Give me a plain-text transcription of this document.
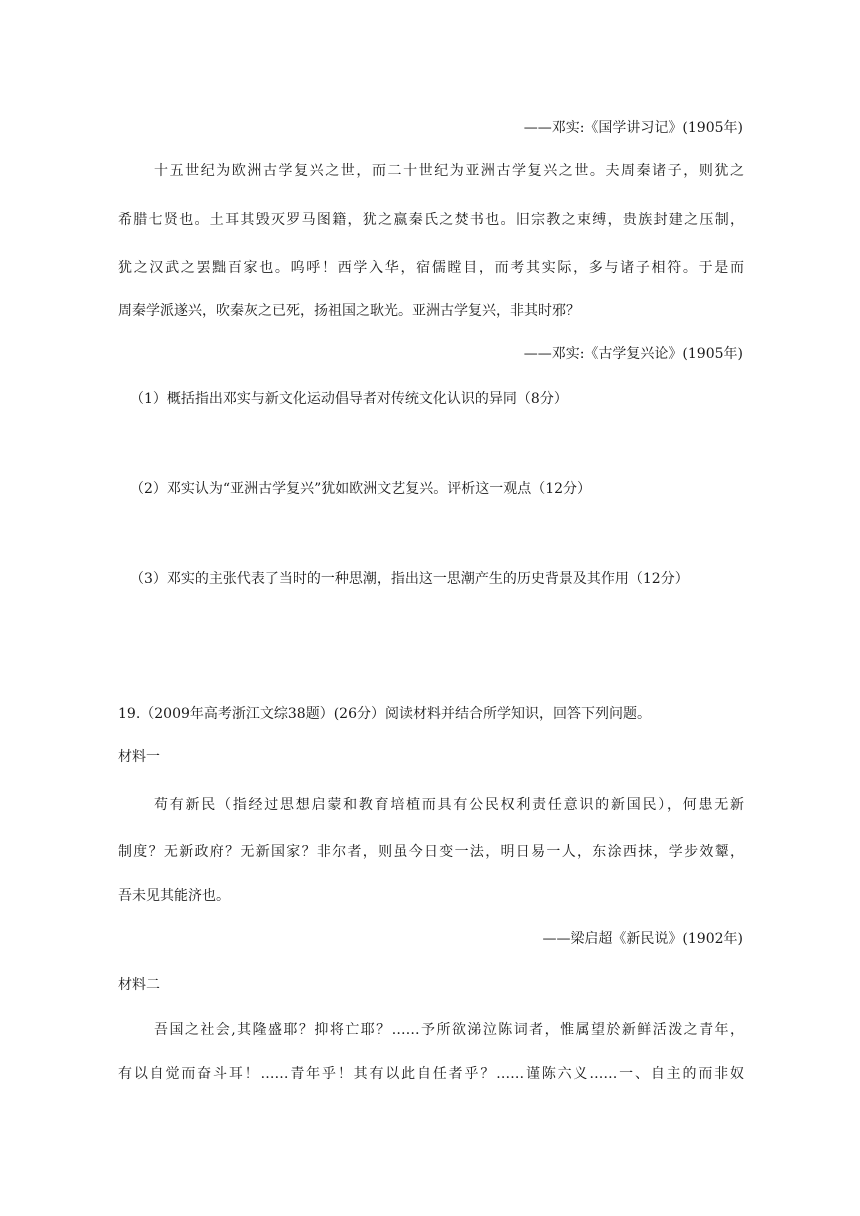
——邓实:《国学讲习记》(1905年)
十五世纪为欧洲古学复兴之世，而二十世纪为亚洲古学复兴之世。夫周秦诸子，则犹之
希腊七贤也。土耳其毁灭罗马图籍，犹之嬴秦氏之焚书也。旧宗教之束缚，贵族封建之压制，
犹之汉武之罢黜百家也。呜呼！西学入华，宿儒瞠目，而考其实际，多与诸子相符。于是而
周秦学派遂兴，吹秦灰之已死，扬祖国之耿光。亚洲古学复兴，非其时邪？
——邓实:《古学复兴论》(1905年)
（1）概括指出邓实与新文化运动倡导者对传统文化认识的异同（8分）
（2）邓实认为“亚洲古学复兴”犹如欧洲文艺复兴。评析这一观点（12分）
（3）邓实的主张代表了当时的一种思潮，指出这一思潮产生的历史背景及其作用（12分）
19.（2009年高考浙江文综38题）(26分）阅读材料并结合所学知识，回答下列问题。
材料一
苟有新民（指经过思想启蒙和教育培植而具有公民权利责任意识的新国民），何患无新
制度？无新政府？无新国家？非尔者，则虽今日变一法，明日易一人，东涂西抹，学步效颦，
吾未见其能济也。
——梁启超《新民说》(1902年)
材料二
吾国之社会,其隆盛耶？抑将亡耶？……予所欲涕泣陈词者，惟属望於新鲜活泼之青年，
有以自觉而奋斗耳！……青年乎！其有以此自任者乎？……谨陈六义……一、自主的而非奴
